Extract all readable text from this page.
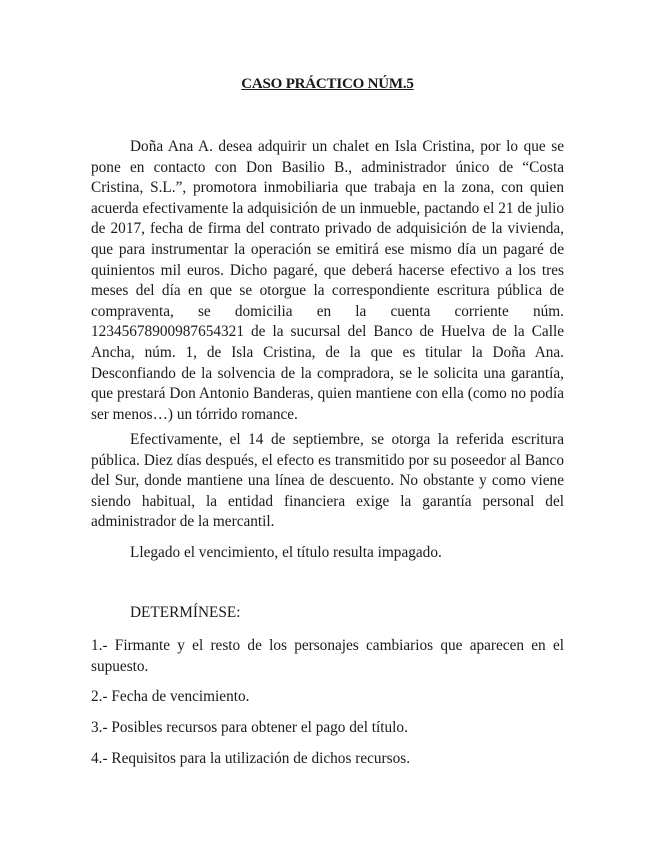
CASO PRÁCTICO NÚM.5

Doña Ana A. desea adquirir un chalet en Isla Cristina, por lo que se pone en contacto con Don Basilio B., administrador único de “Costa Cristina, S.L.”, promotora inmobiliaria que trabaja en la zona, con quien acuerda efectivamente la adquisición de un inmueble, pactando el 21 de julio de 2017, fecha de firma del contrato privado de adquisición de la vivienda, que para instrumentar la operación se emitirá ese mismo día un pagaré de quinientos mil euros. Dicho pagaré, que deberá hacerse efectivo a los tres meses del día en que se otorgue la correspondiente escritura pública de compraventa, se domicilia en la cuenta corriente núm. 12345678900987654321 de la sucursal del Banco de Huelva de la Calle Ancha, núm. 1, de Isla Cristina, de la que es titular la Doña Ana. Desconfiando de la solvencia de la compradora, se le solicita una garantía, que prestará Don Antonio Banderas, quien mantiene con ella (como no podía ser menos…) un tórrido romance.

Efectivamente, el 14 de septiembre, se otorga la referida escritura pública. Diez días después, el efecto es transmitido por su poseedor al Banco del Sur, donde mantiene una línea de descuento. No obstante y como viene siendo habitual, la entidad financiera exige la garantía personal del administrador de la mercantil.

Llegado el vencimiento, el título resulta impagado.

DETERMÍNESE:

1.- Firmante y el resto de los personajes cambiarios que aparecen en el supuesto.

2.- Fecha de vencimiento.

3.- Posibles recursos para obtener el pago del título.

4.- Requisitos para la utilización de dichos recursos.
